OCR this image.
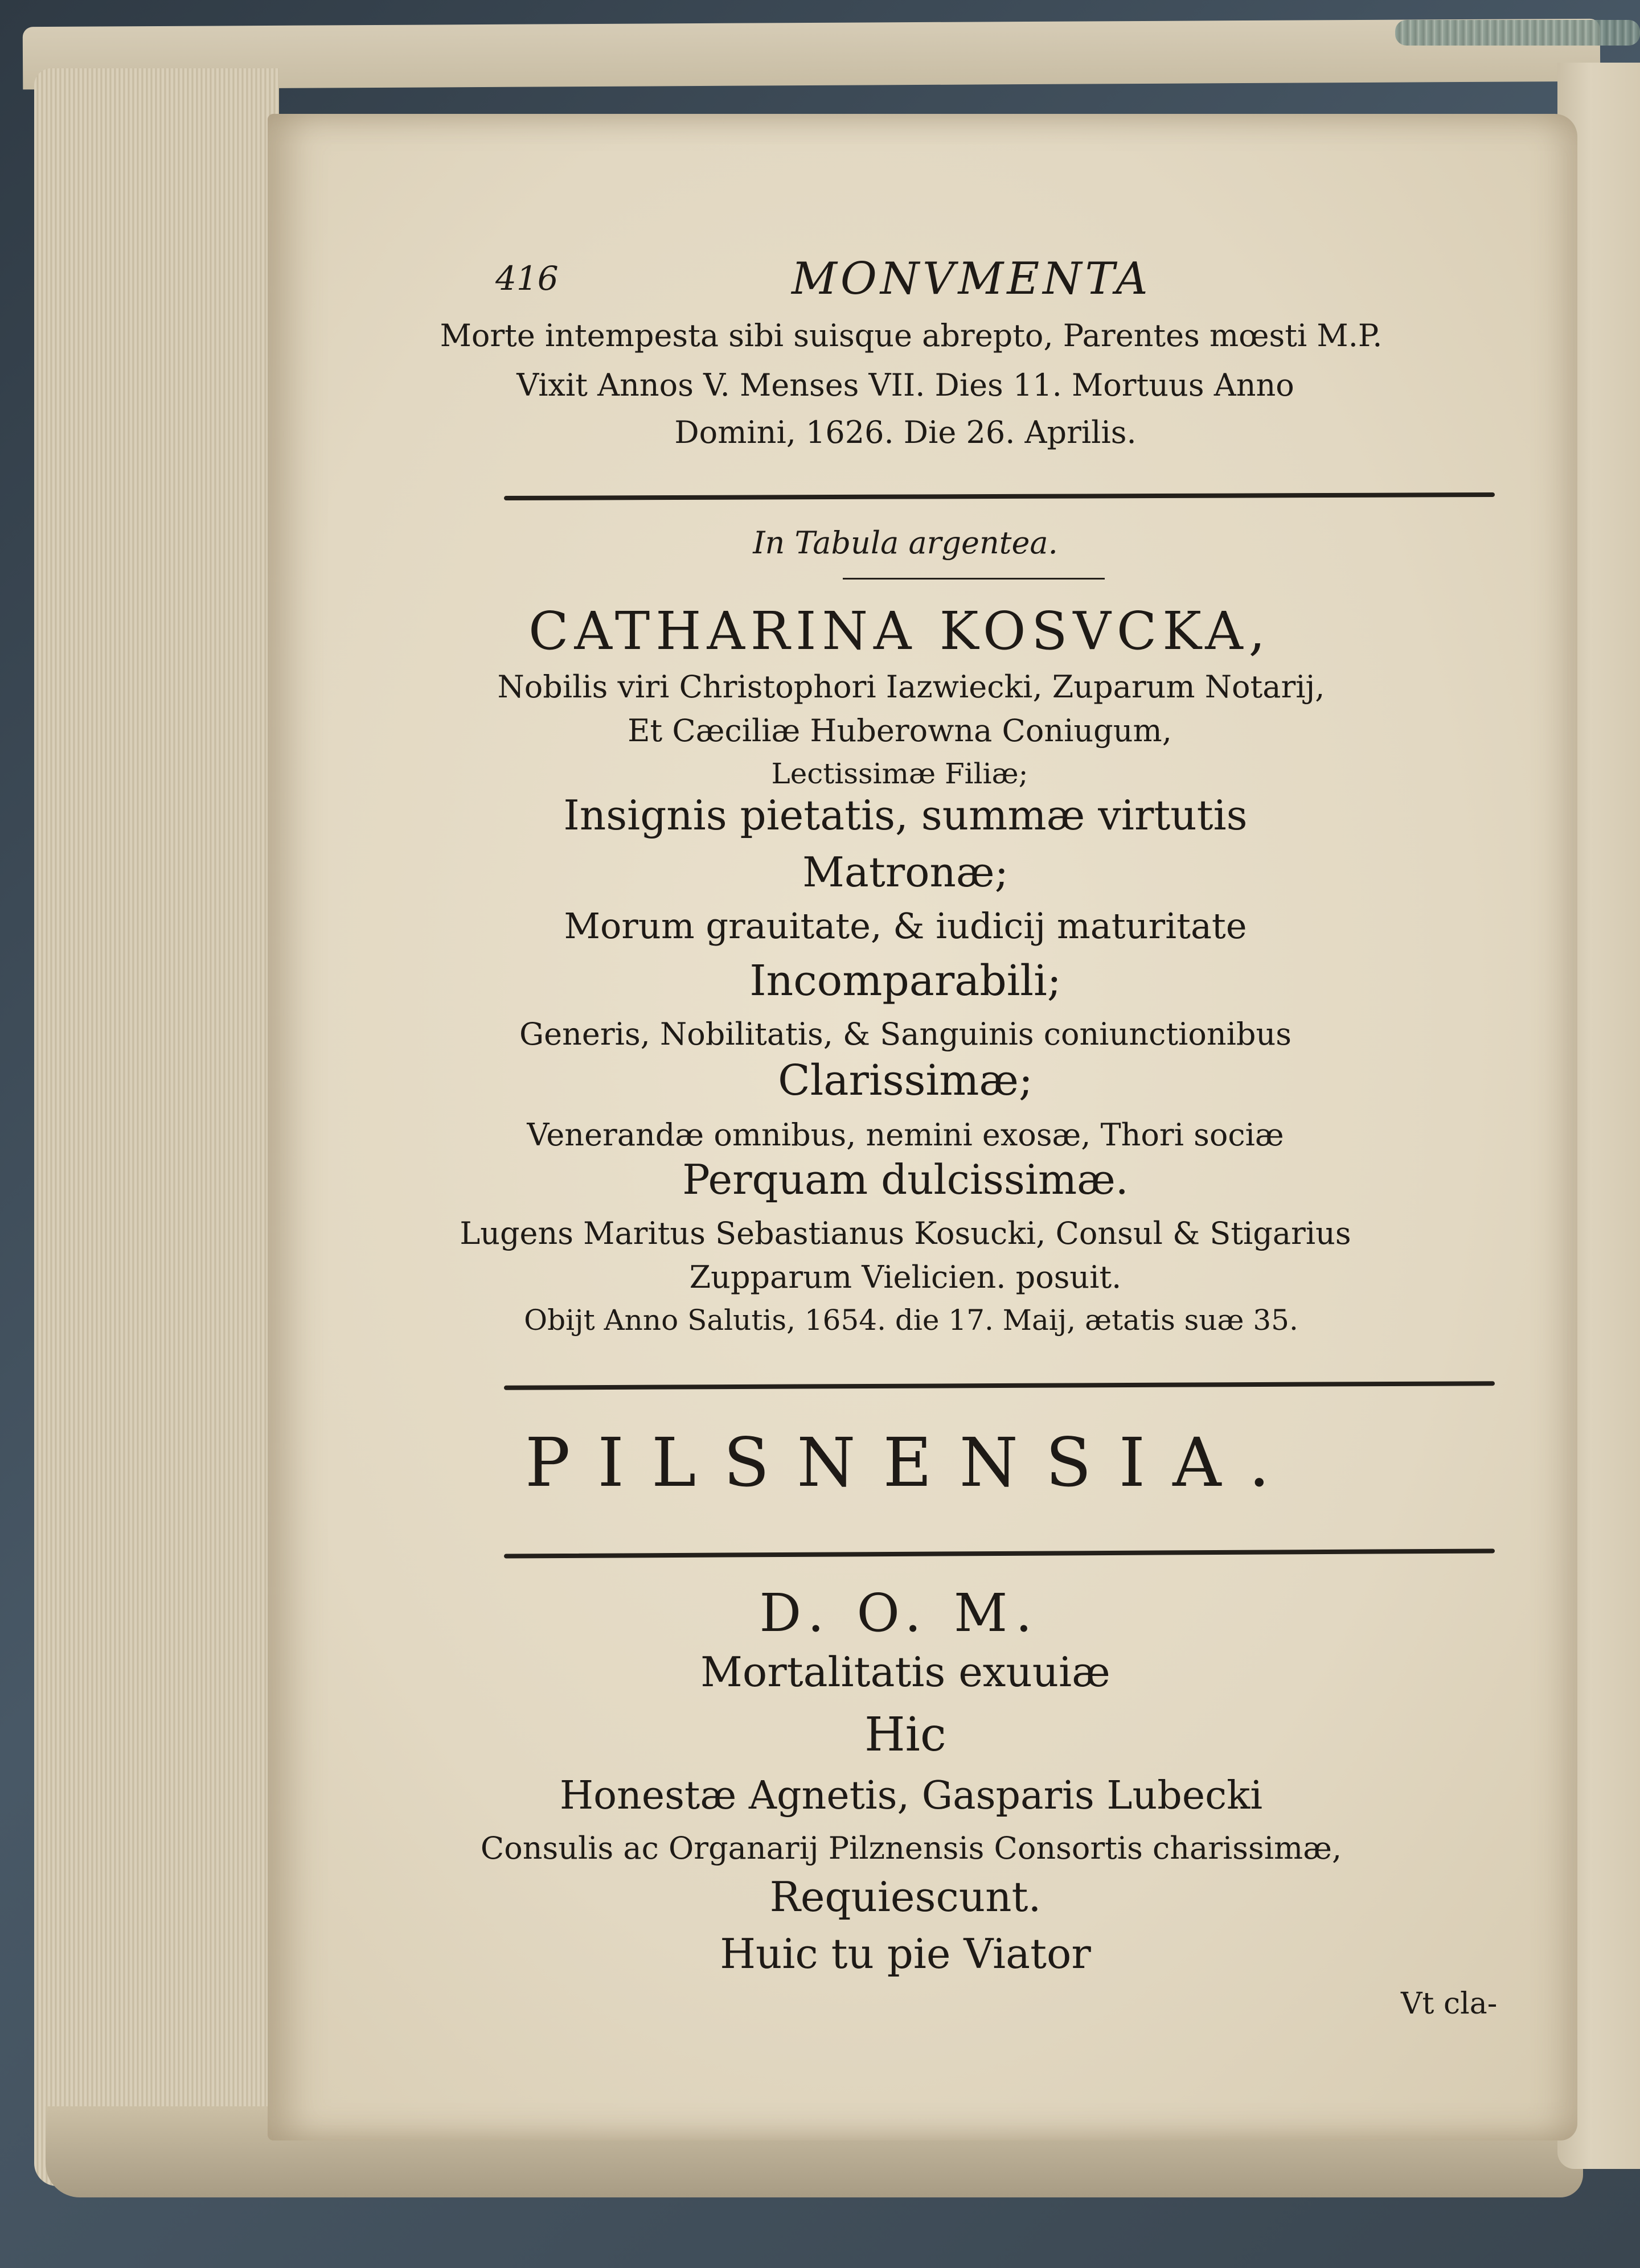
416	MONVMENTA
Morte intempesta sibi suisque abrepto, Parentes mœsti M.P.
Vixit Annos V. Menses VII. Dies 11. Mortuus Anno
Domini, 1626. Die 26. Aprilis.
In Tabula argentea.
CATHARINA KOSVCKA,
Nobilis viri Christophori Iazwiecki, Zuparum Notarij,
Et Cæciliæ Huberowna Coniugum,
Lectissimæ Filiæ;
Insignis pietatis, summæ virtutis
Matronæ;
Morum grauitate, & iudicij maturitate
Incomparabili;
Generis, Nobilitatis, & Sanguinis coniunctionibus
Clarissimæ;
Venerandæ omnibus, nemini exosæ, Thori sociæ
Perquam dulcissimæ.
Lugens Maritus Sebastianus Kosucki, Consul & Stigarius
Zupparum Vielicien. posuit.
Obijt Anno Salutis, 1654. die 17. Maij, ætatis suæ 35.
PILSNENSIA.
D. O. M.
Mortalitatis exuuiæ
Hic
Honestæ Agnetis, Gasparis Lubecki
Consulis ac Organarij Pilznensis Consortis charissimæ,
Requiescunt.
Huic tu pie Viator
Vt cla-
